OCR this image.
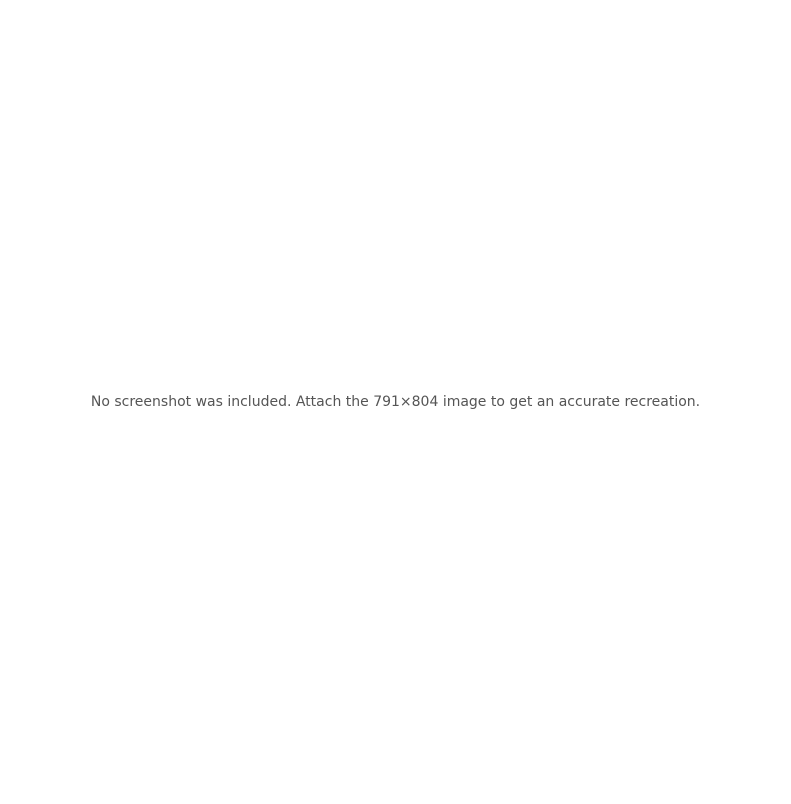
No screenshot was included. Attach the 791×804 image to get an accurate recreation.
